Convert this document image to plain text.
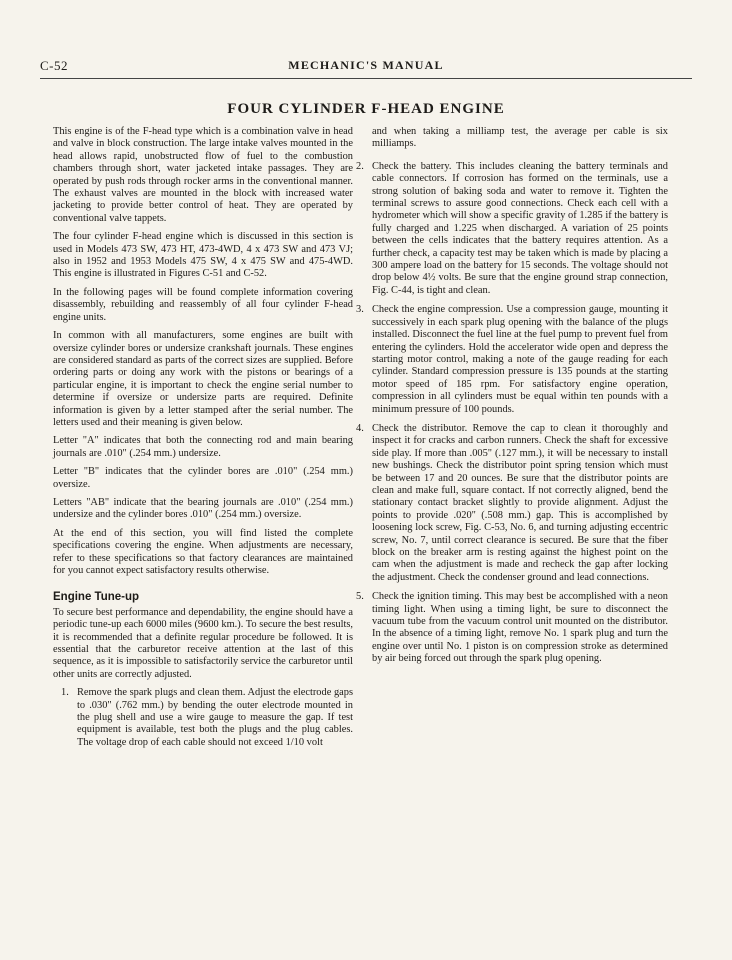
C-52	MECHANIC'S MANUAL
FOUR CYLINDER F-HEAD ENGINE

This engine is of the F-head type which is a combination valve in head and valve in block construction. The large intake valves mounted in the head allows rapid, unobstructed flow of fuel to the combustion chambers through short, water jacketed intake passages. They are operated by push rods through rocker arms in the conventional manner. The exhaust valves are mounted in the block with increased water jacketing to provide better control of heat. They are operated by conventional valve tappets.

The four cylinder F-head engine which is discussed in this section is used in Models 473 SW, 473 HT, 473-4WD, 4 x 473 SW and 473 VJ; also in 1952 and 1953 Models 475 SW, 4 x 475 SW and 475-4WD. This engine is illustrated in Figures C-51 and C-52.

In the following pages will be found complete information covering disassembly, rebuilding and reassembly of all four cylinder F-head engine units.

In common with all manufacturers, some engines are built with oversize cylinder bores or undersize crankshaft journals. These engines are considered standard as parts of the correct sizes are supplied. Before ordering parts or doing any work with the pistons or bearings of a particular engine, it is important to check the engine serial number to determine if oversize or undersize parts are required. Definite information is given by a letter stamped after the serial number. The letters used and their meaning is given below.

Letter "A" indicates that both the connecting rod and main bearing journals are .010" (.254 mm.) undersize.

Letter "B" indicates that the cylinder bores are .010" (.254 mm.) oversize.

Letters "AB" indicate that the bearing journals are .010" (.254 mm.) undersize and the cylinder bores .010" (.254 mm.) oversize.

At the end of this section, you will find listed the complete specifications covering the engine. When adjustments are necessary, refer to these specifications so that factory clearances are maintained for you cannot expect satisfactory results otherwise.

Engine Tune-up

To secure best performance and dependability, the engine should have a periodic tune-up each 6000 miles (9600 km.). To secure the best results, it is recommended that a definite regular procedure be followed. It is essential that the carburetor receive attention at the last of this sequence, as it is impossible to satisfactorily service the carburetor until other units are correctly adjusted.

1. Remove the spark plugs and clean them. Adjust the electrode gaps to .030" (.762 mm.) by bending the outer electrode mounted in the plug shell and use a wire gauge to measure the gap. If test equipment is available, test both the plugs and the plug cables. The voltage drop of each cable should not exceed 1/10 volt
and when taking a milliamp test, the average per cable is six milliamps.
2. Check the battery. This includes cleaning the battery terminals and cable connectors. If corrosion has formed on the terminals, use a strong solution of baking soda and water to remove it. Tighten the terminal screws to assure good connections. Check each cell with a hydrometer which will show a specific gravity of 1.285 if the battery is fully charged and 1.225 when discharged. A variation of 25 points between the cells indicates that the battery requires attention. As a further check, a capacity test may be taken which is made by placing a 300 ampere load on the battery for 15 seconds. The voltage should not drop below 4½ volts. Be sure that the engine ground strap connection, Fig. C-44, is tight and clean.
3. Check the engine compression. Use a compression gauge, mounting it successively in each spark plug opening with the balance of the plugs installed. Disconnect the fuel line at the fuel pump to prevent fuel from entering the cylinders. Hold the accelerator wide open and depress the starting motor control, making a note of the gauge reading for each cylinder. Standard compression pressure is 135 pounds at the starting motor speed of 185 rpm. For satisfactory engine operation, compression in all cylinders must be equal within ten pounds with a minimum pressure of 100 pounds.
4. Check the distributor. Remove the cap to clean it thoroughly and inspect it for cracks and carbon runners. Check the shaft for excessive side play. If more than .005" (.127 mm.), it will be necessary to install new bushings. Check the distributor point spring tension which must be between 17 and 20 ounces. Be sure that the distributor points are clean and make full, square contact. If not correctly aligned, bend the stationary contact bracket slightly to provide alignment. Adjust the points to provide .020" (.508 mm.) gap. This is accomplished by loosening lock screw, Fig. C-53, No. 6, and turning adjusting eccentric screw, No. 7, until correct clearance is secured. Be sure that the fiber block on the breaker arm is resting against the highest point on the cam when the adjustment is made and recheck the gap after locking the adjustment. Check the condenser ground and lead connections.
5. Check the ignition timing. This may best be accomplished with a neon timing light. When using a timing light, be sure to disconnect the vacuum tube from the vacuum control unit mounted on the distributor. In the absence of a timing light, remove No. 1 spark plug and turn the engine over until No. 1 piston is on compression stroke as determined by air being forced out through the spark plug opening.
